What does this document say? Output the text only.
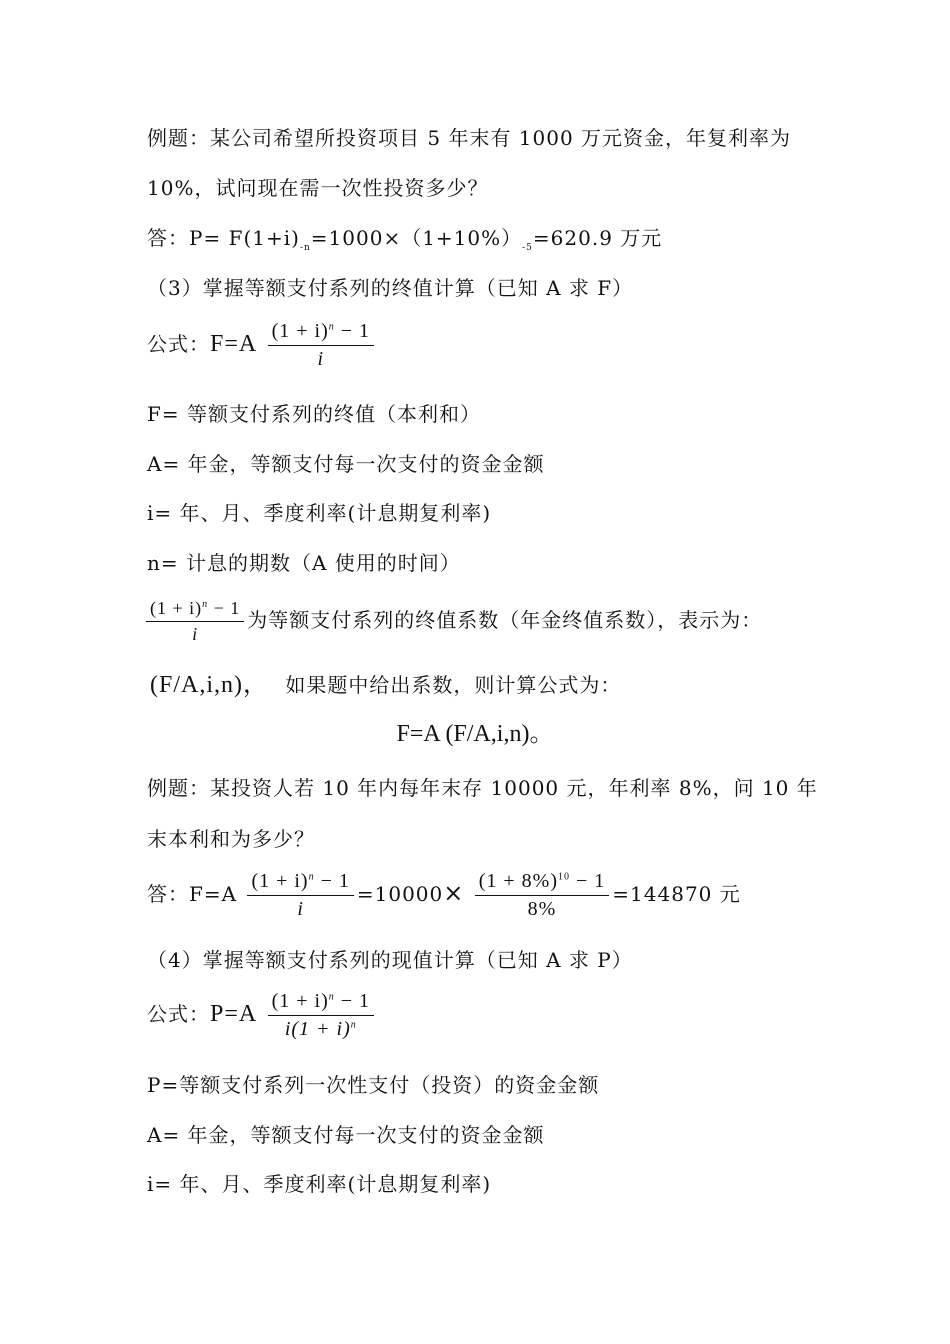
例题：某公司希望所投资项目 5 年末有 1000 万元资金，年复利率为
10%，试问现在需一次性投资多少？
答：$P= F(1+i)_{-n}=1000\times(1+10\%)_{-5}=620.9$ 万元
（3）掌握等额支付系列的终值计算（已知 A 求 F）
公式：$F=A \frac{(1 + i)^n - 1}{i}$
F= 等额支付系列的终值（本利和）
A= 年金，等额支付每一次支付的资金金额
i= 年、月、季度利率(计息期复利率)
n= 计息的期数（A 使用的时间）
$\frac{(1 + i)^n - 1}{i}$ 为等额支付系列的终值系数（年金终值系数），表示为：
(F/A,i,n)， 如果题中给出系数，则计算公式为：
F=A (F/A,i,n)。
例题：某投资人若 10 年内每年末存 10000 元，年利率 8%，问 10 年
末本利和为多少？
答：$F=A \frac{(1 + i)^n - 1}{i} =10000\times \frac{(1 + 8\%)^{10} - 1}{8\%} =144870$ 元
（4）掌握等额支付系列的现值计算（已知 A 求 P）
公式：$P=A \frac{(1 + i)^n - 1}{i(1 + i)^n}$
P=等额支付系列一次性支付（投资）的资金金额
A= 年金，等额支付每一次支付的资金金额
i= 年、月、季度利率(计息期复利率)
